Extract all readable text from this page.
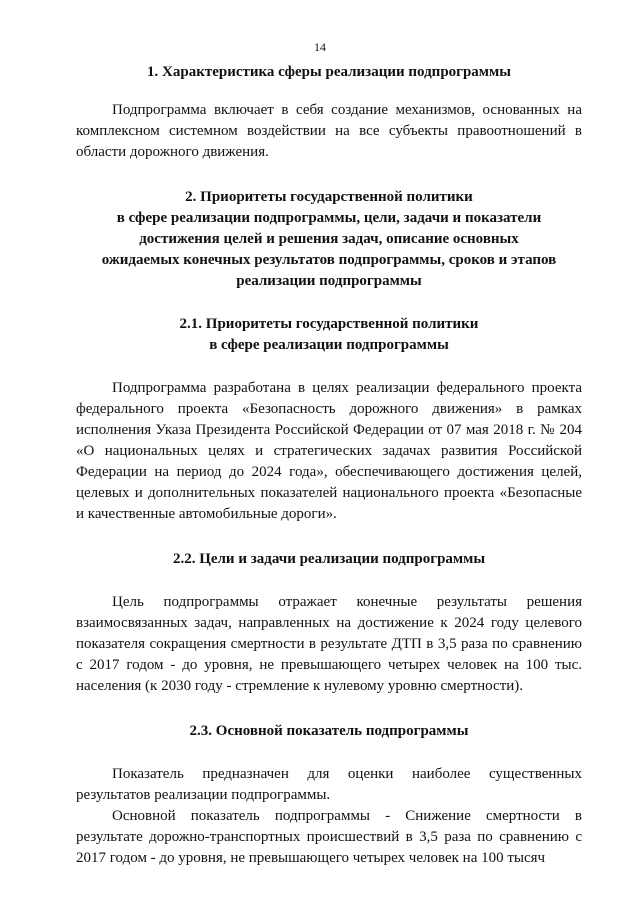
14

1. Характеристика сферы реализации подпрограммы

Подпрограмма включает в себя создание механизмов, основанных на комплексном системном воздействии на все субъекты правоотношений в области дорожного движения.

2. Приоритеты государственной политики

в сфере реализации подпрограммы, цели, задачи и показатели

достижения целей и решения задач, описание основных

ожидаемых конечных результатов подпрограммы, сроков и этапов

реализации подпрограммы

2.1. Приоритеты государственной политики

в сфере реализации подпрограммы

Подпрограмма разработана в целях реализации федерального проекта федерального проекта «Безопасность дорожного движения» в рамках исполнения Указа Президента Российской Федерации от 07 мая 2018 г. № 204 «О национальных целях и стратегических задачах развития Российской Федерации на период до 2024 года», обеспечивающего достижения целей, целевых и дополнительных показателей национального проекта «Безопасные и качественные автомобильные дороги».

2.2. Цели и задачи реализации подпрограммы

Цель подпрограммы отражает конечные результаты решения взаимосвязанных задач, направленных на достижение к 2024 году целевого показателя сокращения смертности в результате ДТП в 3,5 раза по сравнению с 2017 годом - до уровня, не превышающего четырех человек на 100 тыс. населения (к 2030 году - стремление к нулевому уровню смертности).

2.3. Основной показатель подпрограммы

Показатель предназначен для оценки наиболее существенных результатов реализации подпрограммы.

Основной показатель подпрограммы - Снижение смертности в результате дорожно-транспортных происшествий в 3,5 раза по сравнению с 2017 годом - до уровня, не превышающего четырех человек на 100 тысяч
